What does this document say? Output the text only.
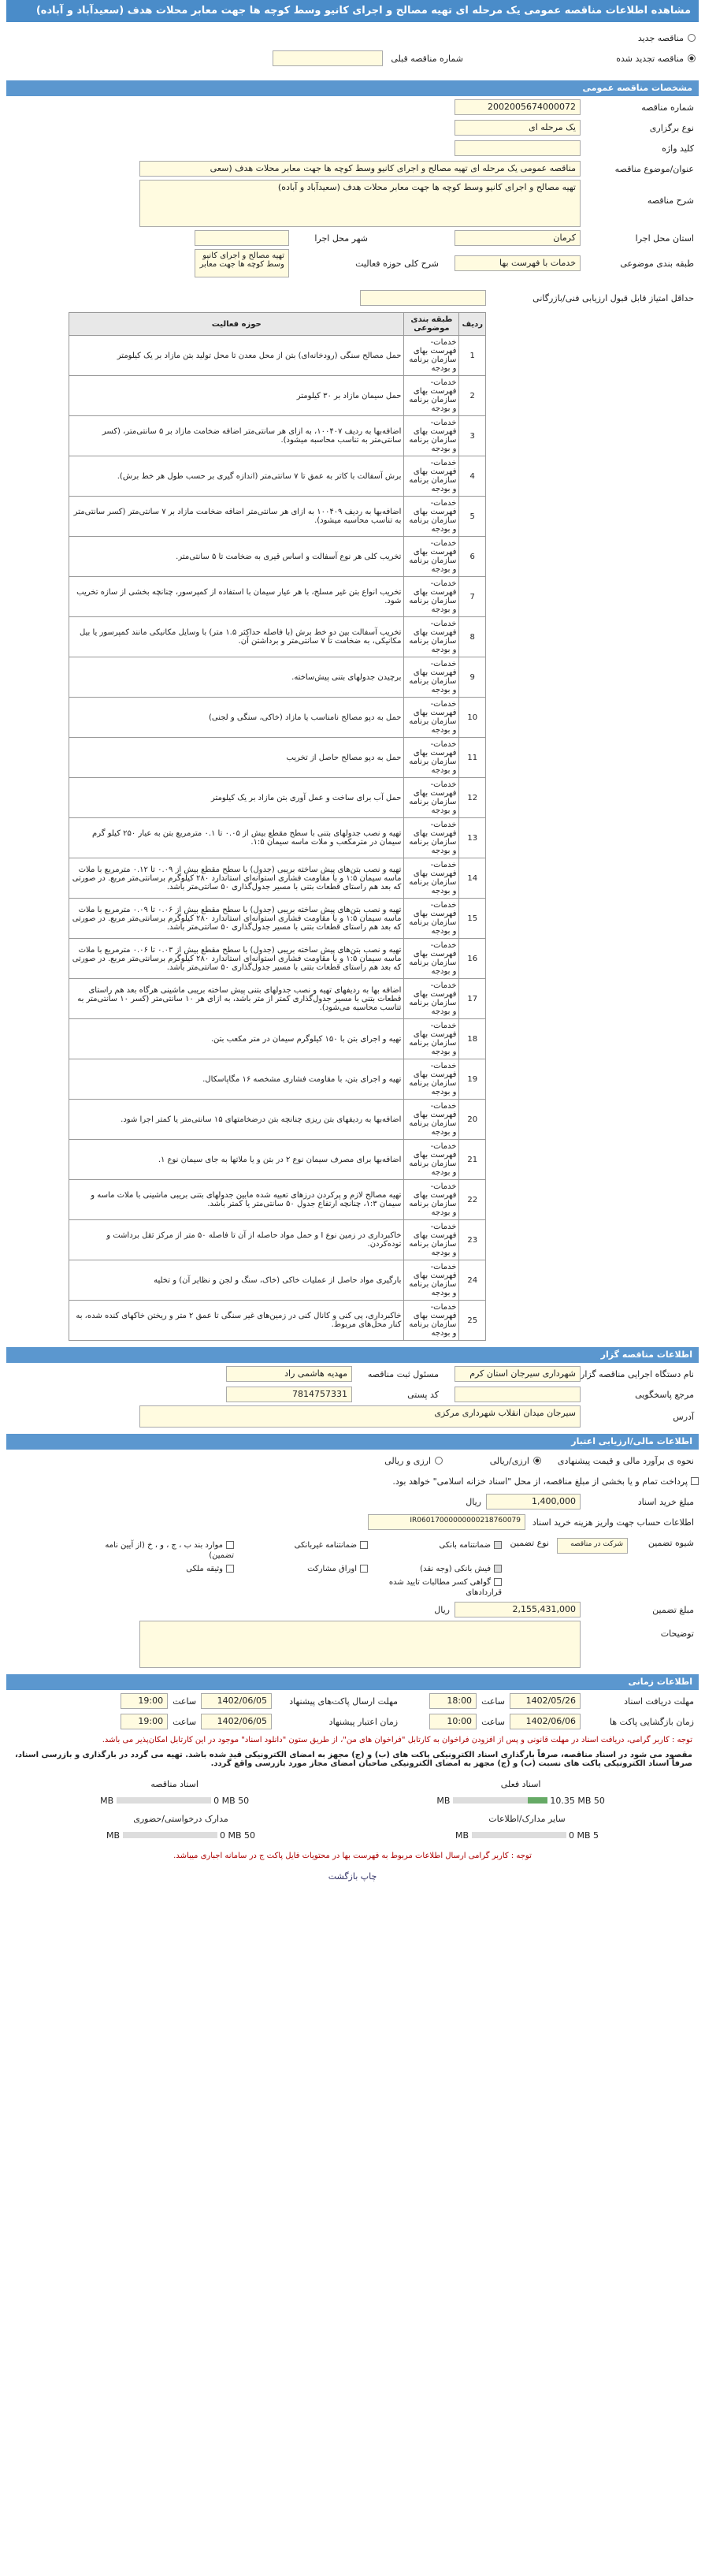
مشاهده اطلاعات مناقصه عمومی یک مرحله ای تهیه مصالح و اجرای کانیو وسط کوچه ها جهت معابر محلات هدف (سعیدآباد و آباده)
مناقصه جدید
مناقصه تجدید شده
شماره مناقصه قبلی
مشخصات مناقصه عمومی
شماره مناقصه
2002005674000072
نوع برگزاری
یک مرحله ای
کلید واژه
عنوان/موضوع مناقصه
مناقصه عمومی یک مرحله ای تهیه مصالح و اجرای کانیو وسط کوچه ها جهت معابر محلات هدف (سعی
شرح مناقصه
تهیه مصالح و اجرای کانیو وسط کوچه ها جهت معابر محلات هدف (سعیدآباد و آباده)
استان محل اجرا
کرمان
شهر محل اجرا
طبقه بندی موضوعی
خدمات با فهرست بها
شرح کلی حوزه فعالیت
تهیه مصالح و اجرای کانیو وسط کوچه ها جهت معابر
حداقل امتیاز قابل قبول ارزیابی فنی/بازرگانی
ردیف	طبقه بندی موضوعی	حوزه فعالیت
1	خدمات-فهرست بهای سازمان برنامه و بودجه	حمل مصالح سنگی (رودخانه‌ای) بتن از محل معدن تا محل تولید بتن مازاد بر یک کیلومتر
2	خدمات-فهرست بهای سازمان برنامه و بودجه	حمل سیمان مازاد بر ۳۰ کیلومتر
3	خدمات-فهرست بهای سازمان برنامه و بودجه	اضافه‌بها به ردیف ۱۰۰۴۰۷، به ازای هر سانتی‌متر اضافه ضخامت مازاد بر ۵ سانتی‌متر، (کسر سانتی‌متر به تناسب محاسبه میشود).
4	خدمات-فهرست بهای سازمان برنامه و بودجه	برش آسفالت با کاتر به عمق تا ۷ سانتی‌متر (اندازه گیری بر حسب طول هر خط برش).
5	خدمات-فهرست بهای سازمان برنامه و بودجه	اضافه‌بها به ردیف ۱۰۰۴۰۹ به ازای هر سانتی‌متر اضافه ضخامت مازاد بر ۷ سانتی‌متر (کسر سانتی‌متر به تناسب محاسبه میشود).
6	خدمات-فهرست بهای سازمان برنامه و بودجه	تخریب کلی هر نوع آسفالت و اساس قیری به ضخامت تا ۵ سانتی‌متر.
7	خدمات-فهرست بهای سازمان برنامه و بودجه	تخریب انواع بتن غیر مسلح، با هر عیار سیمان با استفاده از کمپرسور، چنانچه بخشی از سازه تخریب شود.
8	خدمات-فهرست بهای سازمان برنامه و بودجه	تخریب آسفالت بین دو خط برش (با فاصله حداکثر ۱.۵ متر) با وسایل مکانیکی مانند کمپرسور یا بیل مکانیکی، به ضخامت تا ۷ سانتی‌متر و برداشتن آن.
9	خدمات-فهرست بهای سازمان برنامه و بودجه	برچیدن جدولهای بتنی پیش‌ساخته.
10	خدمات-فهرست بهای سازمان برنامه و بودجه	حمل به دپو مصالح نامناسب یا مازاد (خاکی، سنگی و لجنی)
11	خدمات-فهرست بهای سازمان برنامه و بودجه	حمل به دپو مصالح حاصل از تخریب
12	خدمات-فهرست بهای سازمان برنامه و بودجه	حمل آب برای ساخت و عمل آوری بتن مازاد بر یک کیلومتر
13	خدمات-فهرست بهای سازمان برنامه و بودجه	تهیه و نصب جدولهای بتنی با سطح مقطع بیش از ۰.۰۵ تا ۰.۱ مترمربع بتن به عیار ۲۵۰ کیلو گرم سیمان در مترمکعب و ملات ماسه سیمان ۱:۵.
14	خدمات-فهرست بهای سازمان برنامه و بودجه	تهیه و نصب بتن‌های پیش ساخته بریبی (جدول) با سطح مقطع بیش از ۰.۰۹ تا ۰.۱۲ مترمربع با ملات ماسه سیمان ۱:۵ و با مقاومت فشاری استوانه‌ای استاندارد ۲۸۰ کیلوگرم برسانتی‌متر مربع. در صورتی که بعد هم راستای قطعات بتنی با مسیر جدول‌گذاری ۵۰ سانتی‌متر باشد.
15	خدمات-فهرست بهای سازمان برنامه و بودجه	تهیه و نصب بتن‌های پیش ساخته بریبی (جدول) با سطح مقطع بیش از ۰.۰۶ تا ۰.۰۹ مترمربع با ملات ماسه سیمان ۱:۵ و با مقاومت فشاری استوانه‌ای استاندارد ۲۸۰ کیلوگرم برسانتی‌متر مربع. در صورتی که بعد هم راستای قطعات بتنی با مسیر جدول‌گذاری ۵۰ سانتی‌متر باشد.
16	خدمات-فهرست بهای سازمان برنامه و بودجه	تهیه و نصب بتن‌های پیش ساخته بریبی (جدول) با سطح مقطع بیش از ۰.۰۳ تا ۰.۰۶ مترمربع با ملات ماسه سیمان ۱:۵ و با مقاومت فشاری استوانه‌ای استاندارد ۲۸۰ کیلوگرم برسانتی‌متر مربع. در صورتی که بعد هم راستای قطعات بتنی با مسیر جدول‌گذاری ۵۰ سانتی‌متر باشد.
17	خدمات-فهرست بهای سازمان برنامه و بودجه	اضافه بها به ردیفهای تهیه و نصب جدولهای بتنی پیش ساخته بریبی ماشینی هرگاه بعد هم راستای قطعات بتنی با مسیر جدول‌گذاری کمتر از متر باشد، به ازای هر ۱۰ سانتی‌متر (کسر ۱۰ سانتی‌متر به تناسب محاسبه می‌شود).
18	خدمات-فهرست بهای سازمان برنامه و بودجه	تهیه و اجرای بتن با ۱۵۰ کیلوگرم سیمان در متر مکعب بتن.
19	خدمات-فهرست بهای سازمان برنامه و بودجه	تهیه و اجرای بتن، با مقاومت فشاری مشخصه ۱۶ مگاپاسکال.
20	خدمات-فهرست بهای سازمان برنامه و بودجه	اضافه‌بها به ردیفهای بتن ریزی چنانچه بتن درضخامتهای ۱۵ سانتی‌متر یا کمتر اجرا شود.
21	خدمات-فهرست بهای سازمان برنامه و بودجه	اضافه‌بها برای مصرف سیمان نوع ۲ در بتن و یا ملاتها به جای سیمان نوع ۱.
22	خدمات-فهرست بهای سازمان برنامه و بودجه	تهیه مصالح لازم و پرکردن درزهای تعبیه شده مابین جدولهای بتنی بریبی ماشینی با ملات ماسه و سیمان ۱:۳، چنانچه ارتفاع جدول ۵۰ سانتی‌متر یا کمتر باشد.
23	خدمات-فهرست بهای سازمان برنامه و بودجه	خاکبرداری در زمین نوع I و حمل مواد حاصله از آن تا فاصله ۵۰ متر از مرکز ثقل برداشت و توده‌کردن.
24	خدمات-فهرست بهای سازمان برنامه و بودجه	بارگیری مواد حاصل از عملیات خاکی (خاک، سنگ و لجن و نظایر آن) و تخلیه
25	خدمات-فهرست بهای سازمان برنامه و بودجه	خاکبرداری، پی کنی و کانال کنی در زمین‌های غیر سنگی تا عمق ۲ متر و ریختن خاکهای کنده شده، به کنار محل‌های مربوط.
اطلاعات مناقصه گزار
نام دستگاه اجرایی مناقصه گزار
شهرداری سیرجان استان کرم
مسئول ثبت مناقصه
مهدیه هاشمی راد
مرجع پاسخگویی
کد پستی
7814757331
آدرس
سیرجان میدان انقلاب شهرداری مرکزی
اطلاعات مالی/ارزیابی اعتبار
نحوه ی برآورد مالی و قیمت پیشنهادی
ارزی/ریالی
ارزی و ریالی
پرداخت تمام و یا بخشی از مبلغ مناقصه، از محل "اسناد خزانه اسلامی" خواهد بود.
مبلغ خرید اسناد
1,400,000
ریال
اطلاعات حساب جهت واریز هزینه خرید اسناد
IR06017000000000218760079
شیوه تضمین
شرکت در مناقصه
نوع تضمین
ضمانتنامه بانکی
ضمانتنامه غیربانکی
موارد بند ب ، ج ، و ، خ (از آیین نامه تضمین)
فیش بانکی (وجه نقد)
اوراق مشارکت
وثیقه ملکی
گواهی کسر مطالبات تایید شده قراردادهای
مبلغ تضمین
2,155,431,000
ریال
توضیحات
اطلاعات زمانی
مهلت دریافت اسناد
1402/05/26
ساعت
18:00
مهلت ارسال پاکت‌های پیشنهاد
1402/06/05
ساعت
19:00
زمان بازگشایی پاکت ها
1402/06/06
ساعت
10:00
زمان اعتبار پیشنهاد
1402/06/05
ساعت
19:00
توجه : کاربر گرامی، دریافت اسناد در مهلت قانونی و پس از افزودن فراخوان به کارتابل "فراخوان های من"، از طریق ستون "دانلود اسناد" موجود در این کارتابل امکان‌پذیر می باشد.
مقصود می شود در اسناد مناقصه، صرفاً بارگذاری اسناد الکترونیکی پاکت های (ب) و (ج) مجهز به امضای الکترونیکی قید شده باشد. تهیه می گردد در بارگذاری و بازرسی اسناد، صرفاً اسناد الکترونیکی پاکت های نسبت (ب) و (ج) مجهز به امضای الکترونیکی صاحبان امضای مجاز مورد بازرسی واقع گردد.
اسناد فعلی
50 MB
10.35 MB
اسناد مناقصه
50 MB
0 MB
سایر مدارک/اطلاعات
5 MB
0 MB
مدارک درخواستی/حضوری
50 MB
0 MB
توجه : کاربر گرامی ارسال اطلاعات مربوط به فهرست بها در محتویات فایل پاکت ج در سامانه اجباری میباشد.
چاپ بازگشت
